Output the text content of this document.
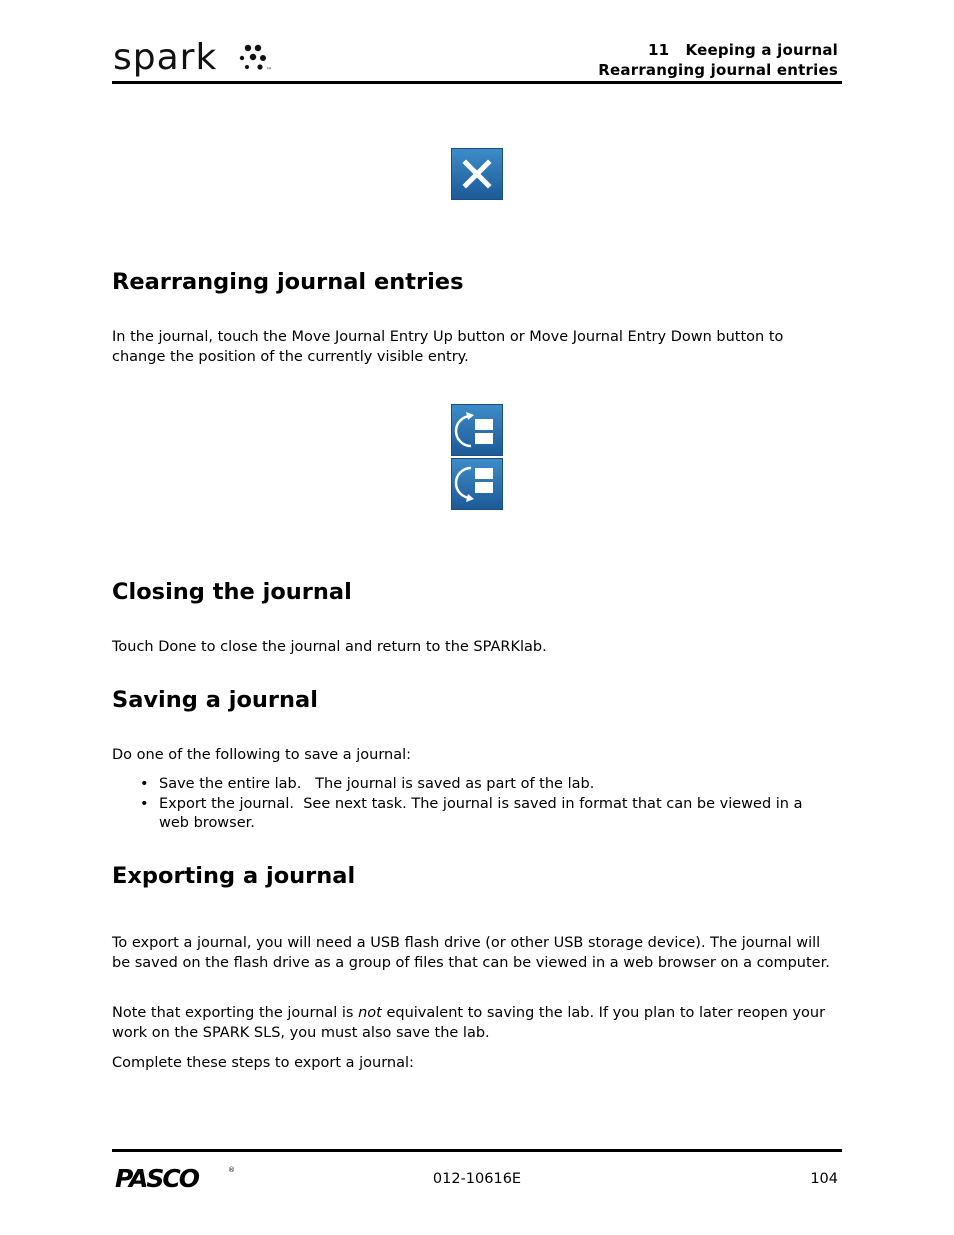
spark	™
11   Keeping a journal
Rearranging journal entries
Rearranging journal entries

In the journal, touch the Move Journal Entry Up button or Move Journal Entry Down button to change the position of the currently visible entry.

Closing the journal

Touch Done to close the journal and return to the SPARKlab.

Saving a journal

Do one of the following to save a journal:

• Save the entire lab.   The journal is saved as part of the lab.
• Export the journal.  See next task. The journal is saved in format that can be viewed in a web browser.
Exporting a journal

To export a journal, you will need a USB flash drive (or other USB storage device). The journal will be saved on the flash drive as a group of files that can be viewed in a web browser on a computer.

Note that exporting the journal is not equivalent to saving the lab. If you plan to later reopen your work on the SPARK SLS, you must also save the lab.

Complete these steps to export a journal:

PASCO	®
012-10616E	104
